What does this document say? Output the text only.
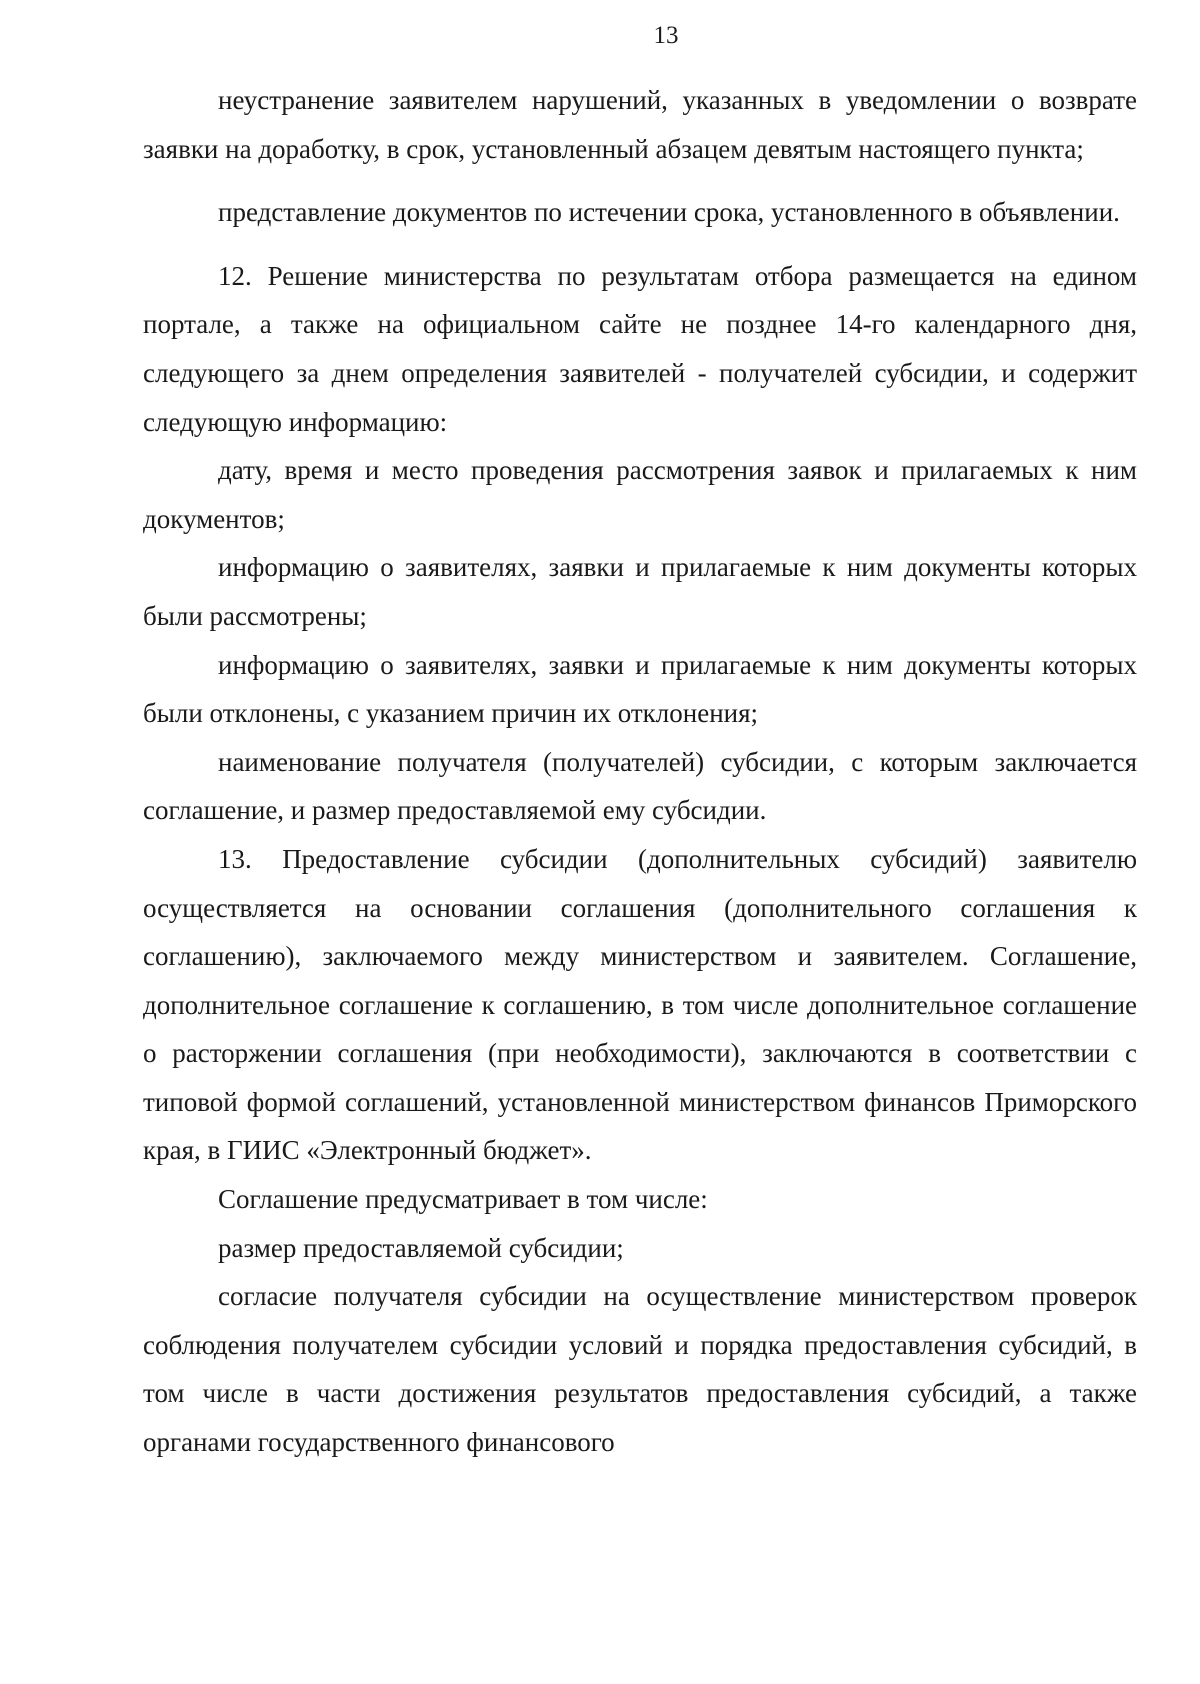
13

неустранение заявителем нарушений, указанных в уведомлении о возврате заявки на доработку, в срок, установленный абзацем девятым настоящего пункта;

представление документов по истечении срока, установленного в объявлении.

12. Решение министерства по результатам отбора размещается на едином портале, а также на официальном сайте не позднее 14-го календарного дня, следующего за днем определения заявителей - получателей субсидии, и содержит следующую информацию:

дату, время и место проведения рассмотрения заявок и прилагаемых к ним документов;

информацию о заявителях, заявки и прилагаемые к ним документы которых были рассмотрены;

информацию о заявителях, заявки и прилагаемые к ним документы которых были отклонены, с указанием причин их отклонения;

наименование получателя (получателей) субсидии, с которым заключается соглашение, и размер предоставляемой ему субсидии.

13. Предоставление субсидии (дополнительных субсидий) заявителю осуществляется на основании соглашения (дополнительного соглашения к соглашению), заключаемого между министерством и заявителем. Соглашение, дополнительное соглашение к соглашению, в том числе дополнительное соглашение о расторжении соглашения (при необходимости), заключаются в соответствии с типовой формой соглашений, установленной министерством финансов Приморского края, в ГИИС «Электронный бюджет».

Соглашение предусматривает в том числе:

размер предоставляемой субсидии;

согласие получателя субсидии на осуществление министерством проверок соблюдения получателем субсидии условий и порядка предоставления субсидий, в том числе в части достижения результатов предоставления субсидий, а также органами государственного финансового
